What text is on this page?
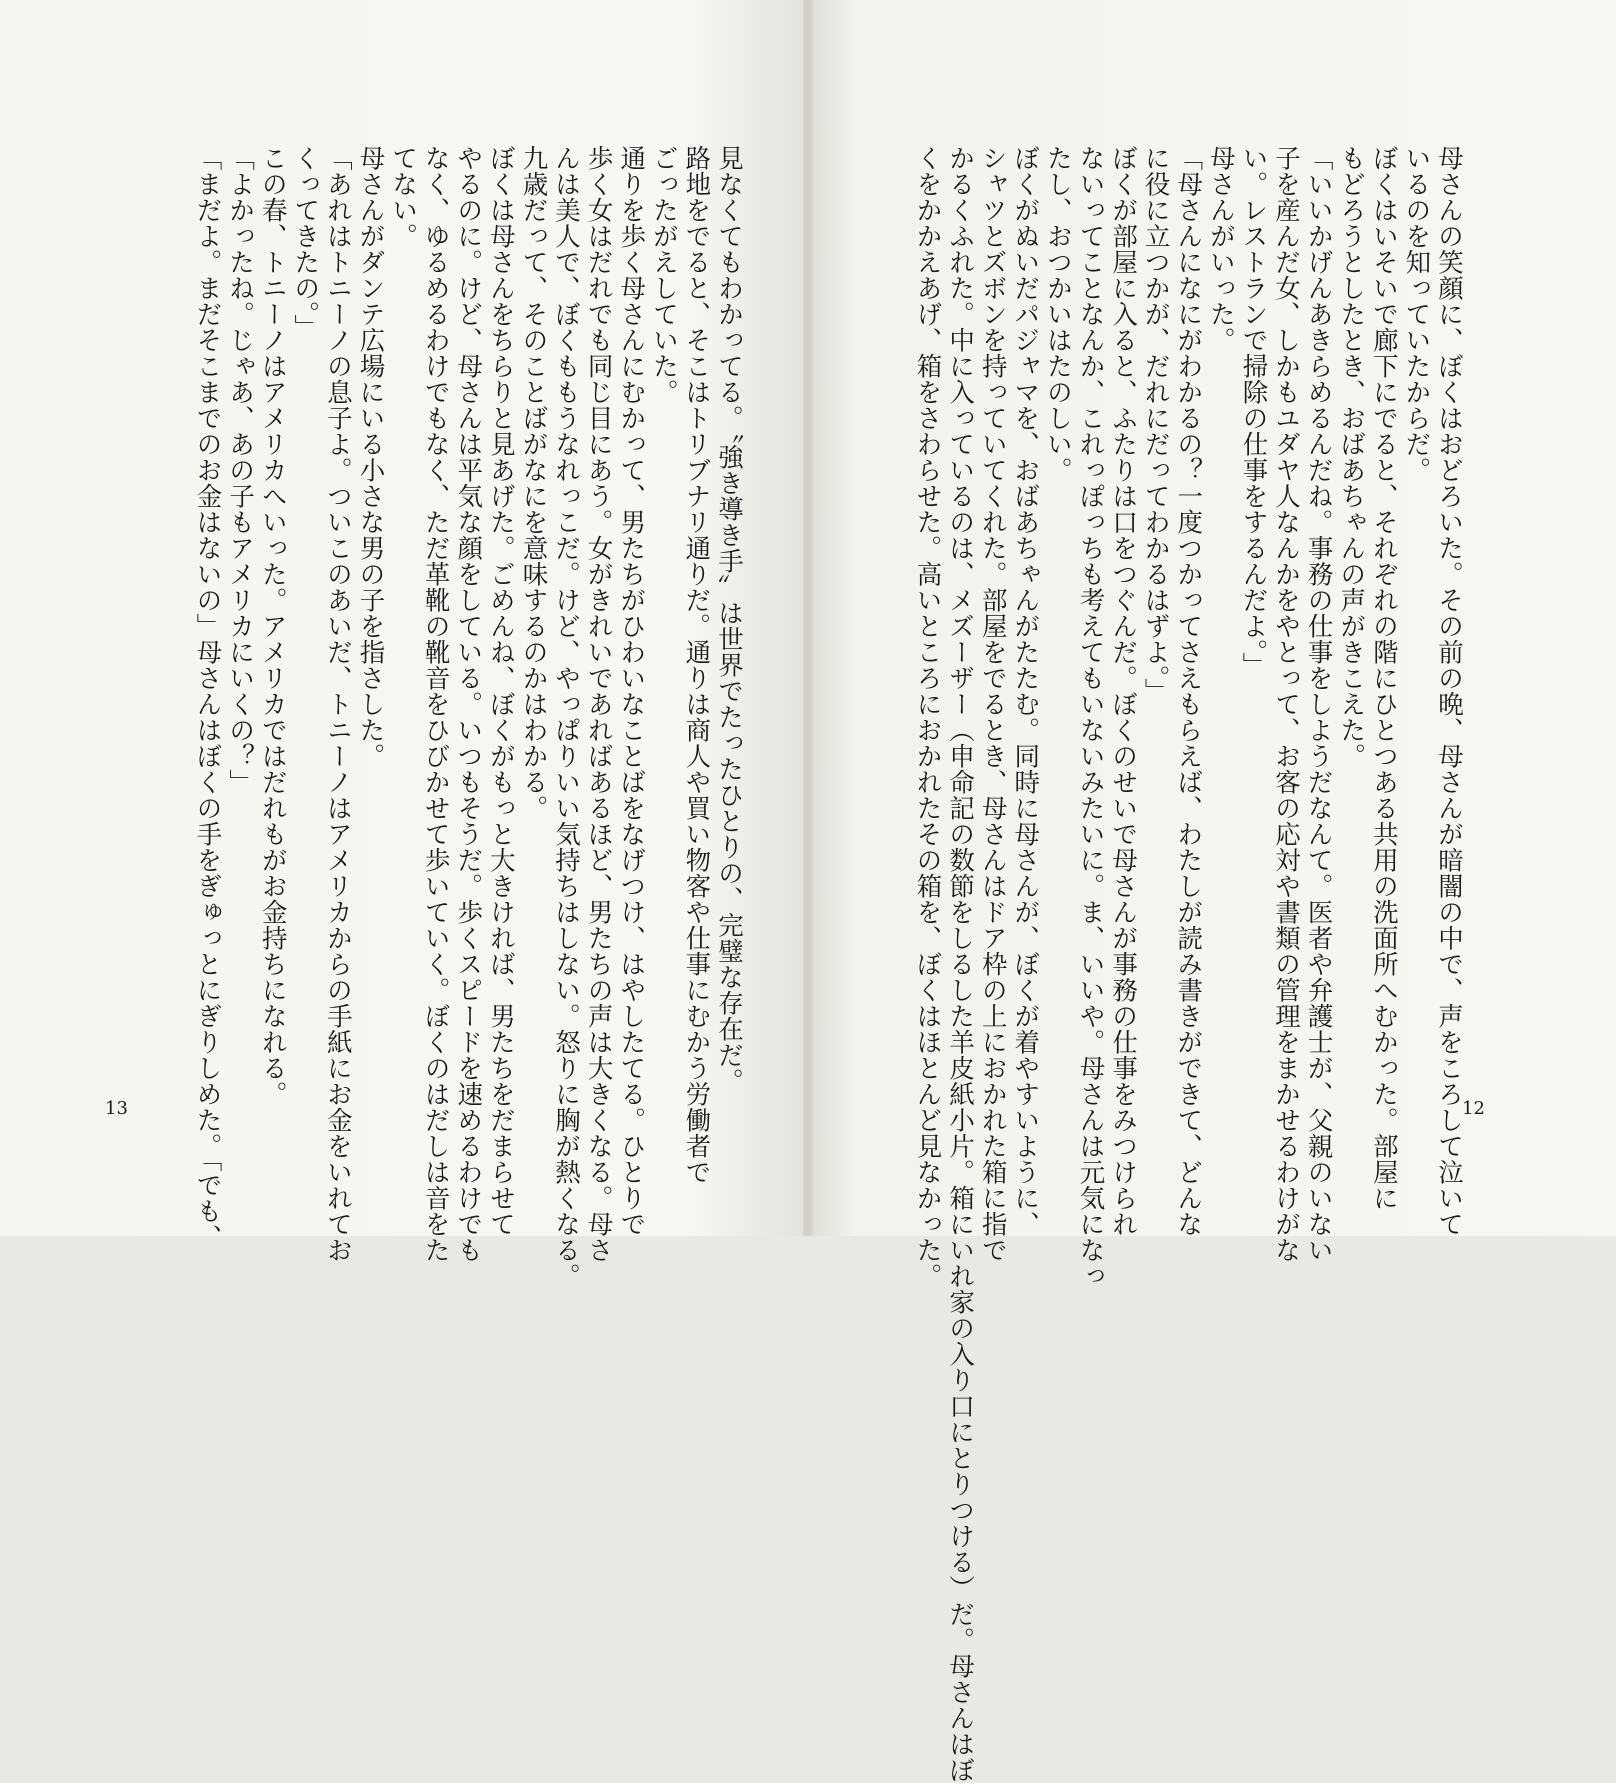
見なくてもわかってる。〝強き導き手〟は世界でたったひとりの、完璧な存在だ。
路地をでると、そこはトリブナリ通りだ。通りは商人や買い物客や仕事にむかう労働者で
ごったがえしていた。
通りを歩く母さんにむかって、男たちがひわいなことばをなげつけ、はやしたてる。ひとりで
歩く女はだれでも同じ目にあう。女がきれいであればあるほど、男たちの声は大きくなる。母さ
んは美人で、ぼくももうなれっこだ。けど、やっぱりいい気持ちはしない。怒りに胸が熱くなる。
九歳だって、そのことばがなにを意味するのかはわかる。
ぼくは母さんをちらりと見あげた。ごめんね、ぼくがもっと大きければ、男たちをだまらせて
やるのに。けど、母さんは平気な顔をしている。いつもそうだ。歩くスピードを速めるわけでも
なく、ゆるめるわけでもなく、ただ革靴の靴音をひびかせて歩いていく。ぼくのはだしは音をた
てない。
母さんがダンテ広場にいる小さな男の子を指さした。
「あれはトニーノの息子よ。ついこのあいだ、トニーノはアメリカからの手紙にお金をいれてお
くってきたの。」
この春、トニーノはアメリカへいった。アメリカではだれもがお金持ちになれる。
「よかったね。じゃあ、あの子もアメリカにいくの？」
「まだよ。まだそこまでのお金はないの」母さんはぼくの手をぎゅっとにぎりしめた。「でも、
13	母さんの笑顔に、ぼくはおどろいた。その前の晩、母さんが暗闇の中で、声をころして泣いて
いるのを知っていたからだ。
ぼくはいそいで廊下にでると、それぞれの階にひとつある共用の洗面所へむかった。部屋に
もどろうとしたとき、おばあちゃんの声がきこえた。
「いいかげんあきらめるんだね。事務の仕事をしようだなんて。医者や弁護士が、父親のいない
子を産んだ女、しかもユダヤ人なんかをやとって、お客の応対や書類の管理をまかせるわけがな
い。レストランで掃除の仕事をするんだよ。」
母さんがいった。
「母さんになにがわかるの？一度つかってさえもらえば、わたしが読み書きができて、どんな
に役に立つかが、だれにだってわかるはずよ。」
ぼくが部屋に入ると、ふたりは口をつぐんだ。ぼくのせいで母さんが事務の仕事をみつけられ
ないってことなんか、これっぽっちも考えてもいないみたいに。ま、いいや。母さんは元気になっ
たし、おつかいはたのしい。
ぼくがぬいだパジャマを、おばあちゃんがたたむ。同時に母さんが、ぼくが着やすいように、
シャツとズボンを持っていてくれた。部屋をでるとき、母さんはドア枠の上におかれた箱に指で
かるくふれた。中に入っているのは、メズーザー（申命記の数節をしるした羊皮紙小片。箱にいれ家の入り口にとりつける）だ。母さんはぼ
くをかかえあげ、箱をさわらせた。高いところにおかれたその箱を、ぼくはほとんど見なかった。	12
